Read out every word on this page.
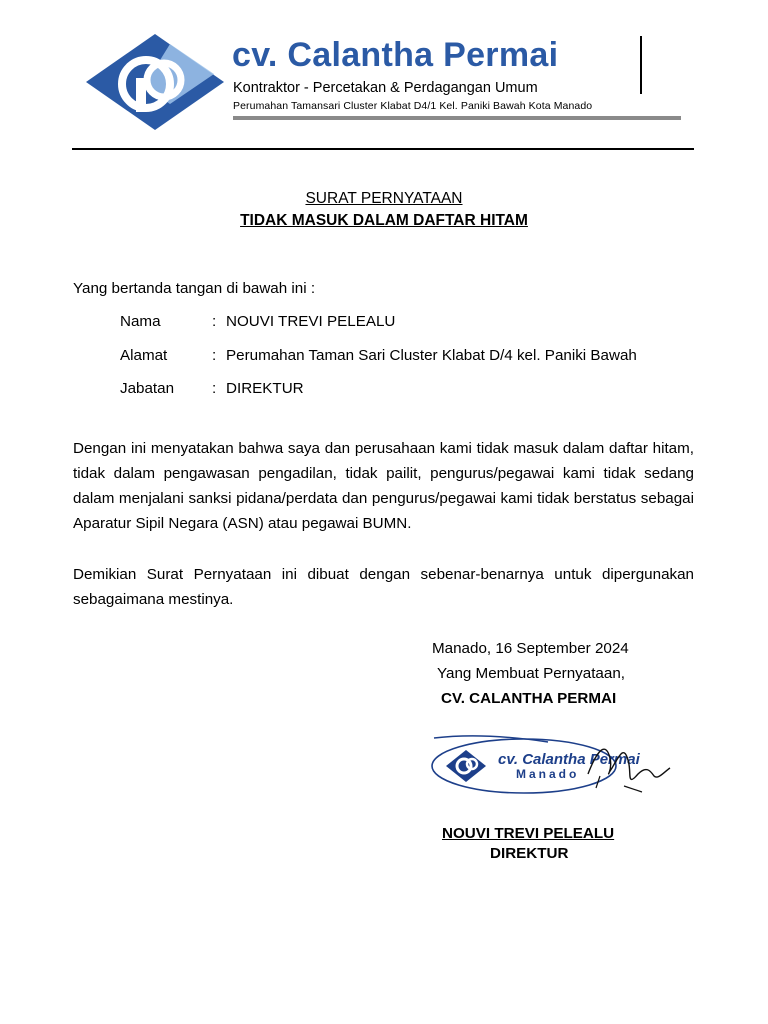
cv. Calantha Permai
Kontraktor - Percetakan & Perdagangan Umum
Perumahan Tamansari Cluster Klabat D4/1 Kel. Paniki Bawah Kota Manado
SURAT PERNYATAAN
TIDAK MASUK DALAM DAFTAR HITAM
Yang bertanda tangan di bawah ini :
Nama	: NOUVI TREVI PELEALU
Alamat	: Perumahan Taman Sari Cluster Klabat D/4 kel. Paniki Bawah
Jabatan : DIREKTUR
Dengan ini menyatakan bahwa saya dan perusahaan kami tidak masuk dalam daftar hitam, tidak dalam pengawasan pengadilan, tidak pailit, pengurus/pegawai kami tidak sedang dalam menjalani sanksi pidana/perdata dan pengurus/pegawai kami tidak berstatus sebagai Aparatur Sipil Negara (ASN) atau pegawai BUMN.
Demikian Surat Pernyataan ini dibuat dengan sebenar-benarnya untuk dipergunakan sebagaimana mestinya.
Manado, 16 September 2024
Yang Membuat Pernyataan,
CV. CALANTHA PERMAI
cv. Calantha Permai
Manado
NOUVI TREVI PELEALU
DIREKTUR
